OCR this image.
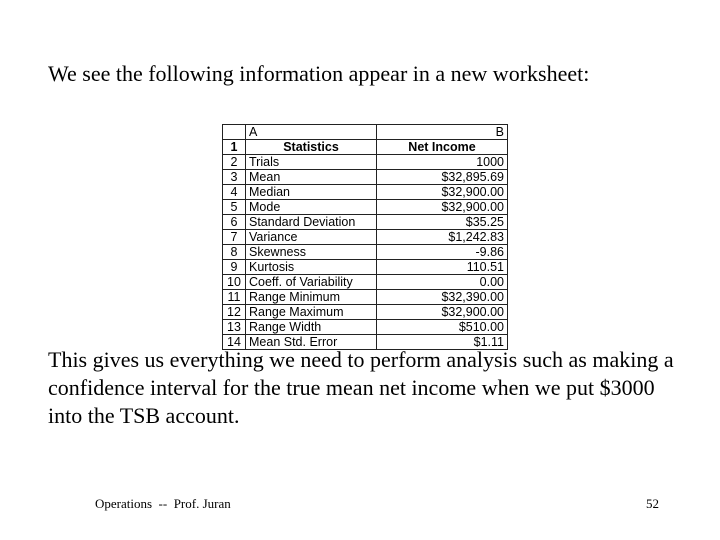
We see the following information appear in a new worksheet:
	A	B
1	Statistics	Net Income
2	Trials	1000
3	Mean	$32,895.69
4	Median	$32,900.00
5	Mode	$32,900.00
6	Standard Deviation	$35.25
7	Variance	$1,242.83
8	Skewness	-9.86
9	Kurtosis	110.51
10	Coeff. of Variability	0.00
11	Range Minimum	$32,390.00
12	Range Maximum	$32,900.00
13	Range Width	$510.00
14	Mean Std. Error	$1.11
This gives us everything we need to perform analysis such as making a confidence interval for the true mean net income when we put $3000 into the TSB account.
Operations  --  Prof. Juran	52
